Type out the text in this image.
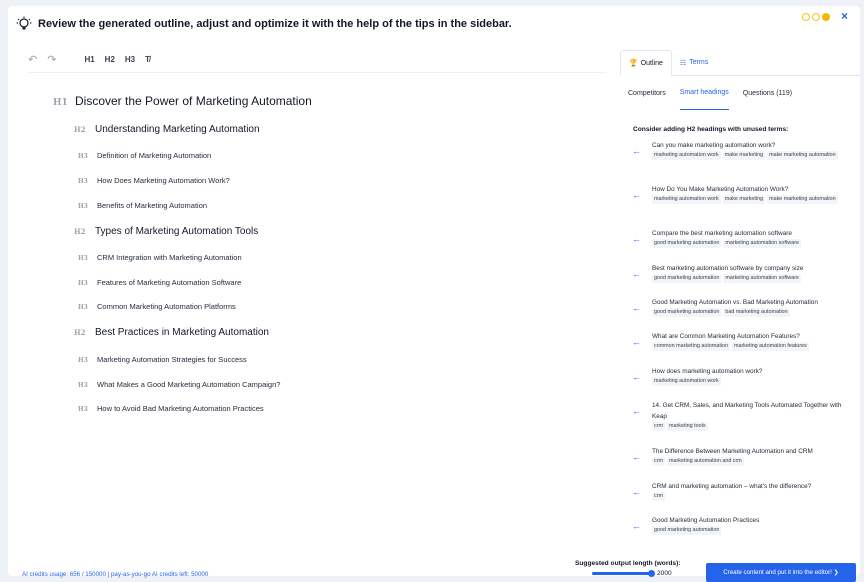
Review the generated outline, adjust and optimize it with the help of the tips in the sidebar.
×
↶ ↷	H1 H2 H3 T̸
H1 Discover the Power of Marketing Automation
H2 Understanding Marketing Automation
H3	Definition of Marketing Automation
H3	How Does Marketing Automation Work?
H3	Benefits of Marketing Automation
H2 Types of Marketing Automation Tools
H3	CRM Integration with Marketing Automation
H3	Features of Marketing Automation Software
H3	Common Marketing Automation Platforms
H2 Best Practices in Marketing Automation
H3	Marketing Automation Strategies for Success
H3	What Makes a Good Marketing Automation Campaign?
H3	How to Avoid Bad Marketing Automation Practices
🏆 Outline ☷ Terms
Competitors Smart headings Questions (119)
Consider adding H2 headings with unused terms:
←
Can you make marketing automation work?
marketing automation work	make marketing	make marketing automation
←
How Do You Make Marketing Automation Work?
marketing automation work	make marketing	make marketing automation
←
Compare the best marketing automation software
good marketing automation	marketing automation software
←
Best marketing automation software by company size
good marketing automation	marketing automation software
←
Good Marketing Automation vs. Bad Marketing Automation
good marketing automation	bad marketing automation
←
What are Common Marketing Automation Features?
common marketing automation	marketing automation features
←
How does marketing automation work?
marketing automation work
←
14. Get CRM, Sales, and Marketing Tools Automated Together with Keap
crm	marketing tools
←
The Difference Between Marketing Automation and CRM
crm	marketing automation and crm
←
CRM and marketing automation – what's the difference?
crm
←
Good Marketing Automation Practices
good marketing automation
AI credits usage: 656 / 150000 | pay-as-you-go AI credits left: 50000
Suggested output length (words):
2000	Create content and put it into the editor! ❯
